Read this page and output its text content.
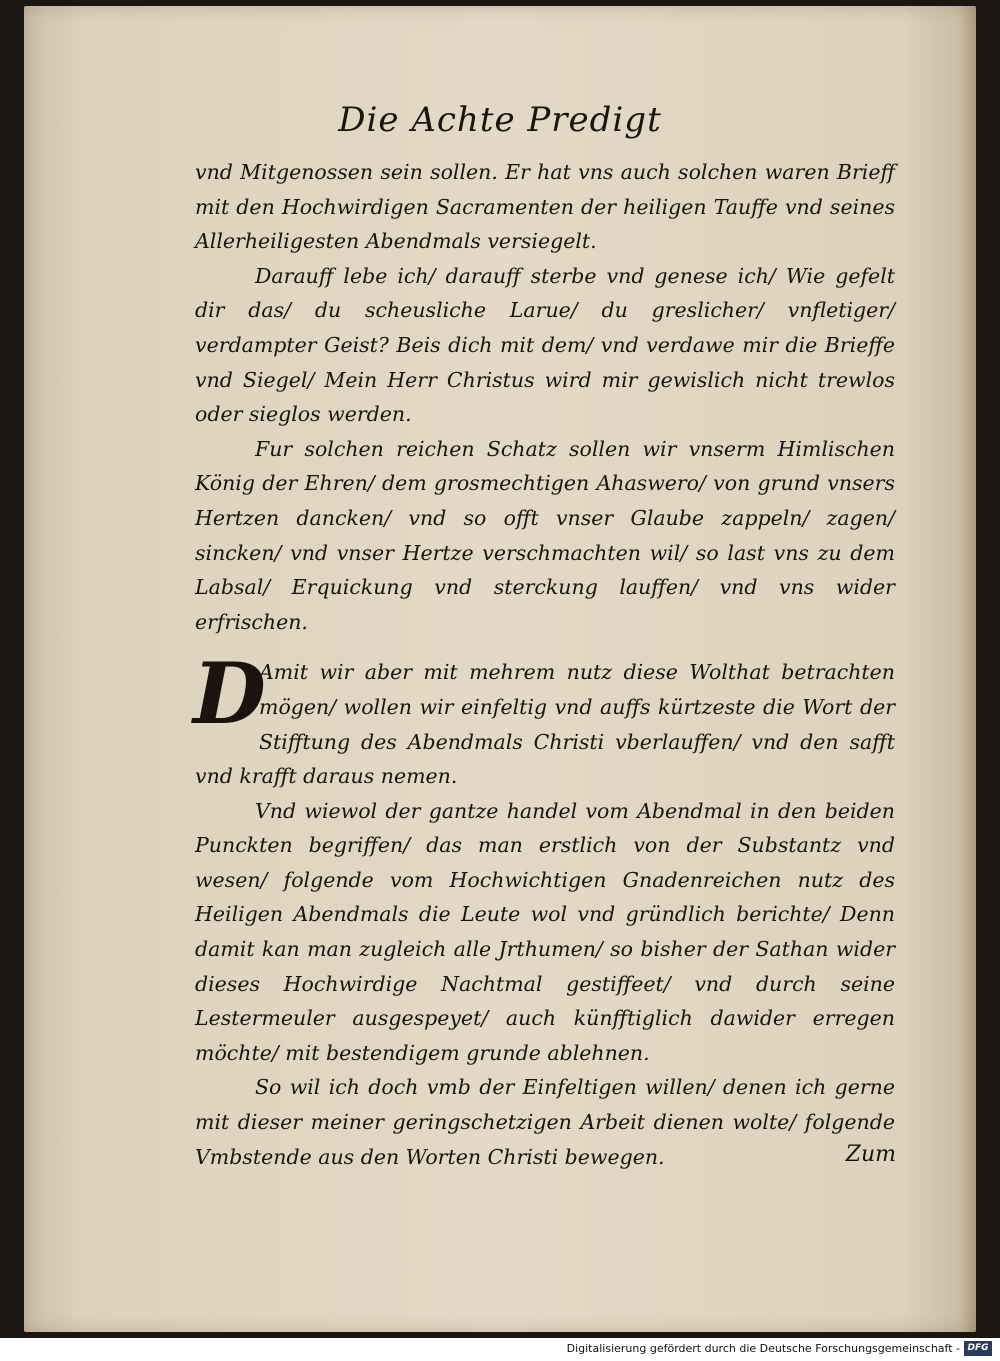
Die Achte Predigt

vnd Mitgenossen sein sollen. Er hat vns auch solchen waren Brieff mit den Hochwirdigen Sacramenten der heiligen Tauffe vnd seines Allerheiligesten Abendmals versiegelt.

Darauff lebe ich/ darauff sterbe vnd genese ich/ Wie gefelt dir das/ du scheusliche Larue/ du greslicher/ vnfletiger/ verdampter Geist? Beis dich mit dem/ vnd verdawe mir die Brieffe vnd Siegel/ Mein Herr Christus wird mir gewislich nicht trewlos oder sieglos werden.

Fur solchen reichen Schatz sollen wir vnserm Himlischen König der Ehren/ dem grosmechtigen Ahaswero/ von grund vnsers Hertzen dancken/ vnd so offt vnser Glaube zappeln/ zagen/ sincken/ vnd vnser Hertze verschmachten wil/ so last vns zu dem Labsal/ Erquickung vnd sterckung lauffen/ vnd vns wider erfrischen.

D

Amit wir aber mit mehrem nutz diese Wolthat betrachten mögen/ wollen wir einfeltig vnd auffs kürtzeste die Wort der Stifftung des Abendmals Christi vberlauffen/ vnd den safft vnd krafft daraus nemen.

Vnd wiewol der gantze handel vom Abendmal in den beiden Punckten begriffen/ das man erstlich von der Substantz vnd wesen/ folgende vom Hochwichtigen Gnadenreichen nutz des Heiligen Abendmals die Leute wol vnd gründlich berichte/ Denn damit kan man zugleich alle Jrthumen/ so bisher der Sathan wider dieses Hochwirdige Nachtmal gestiffeet/ vnd durch seine Lestermeuler ausgespeyet/ auch künfftiglich dawider erregen möchte/ mit bestendigem grunde ablehnen.

So wil ich doch vmb der Einfeltigen willen/ denen ich gerne mit dieser meiner geringschetzigen Arbeit dienen wolte/ folgende Vmbstende aus den Worten Christi bewegen.	Zum
Digitalisierung gefördert durch die Deutsche Forschungsgemeinschaft - DFG
